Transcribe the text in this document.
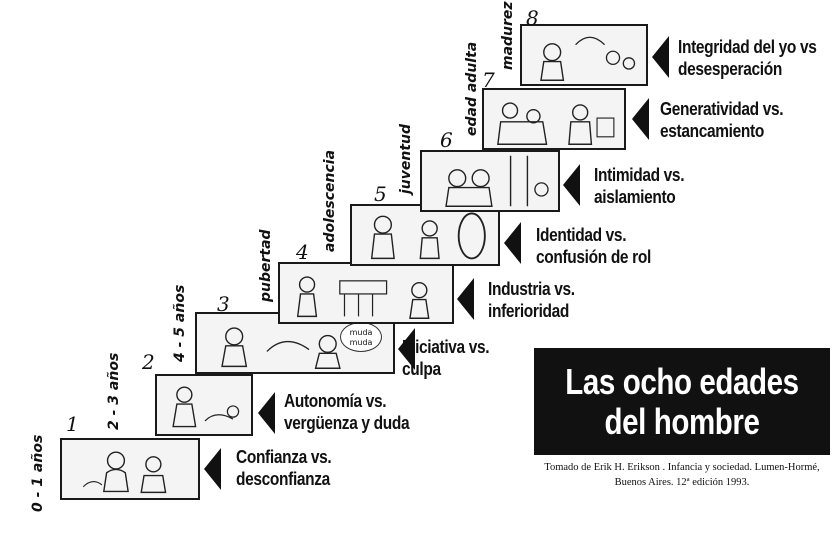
Confianza vs.
desconfianza
1
0 - 1 años
Autonomía vs.
vergüenza y duda
2
2 - 3 años
muda muda	Iniciativa vs.
culpa
3
4 - 5 años	Industria vs.
inferioridad
4
pubertad	Identidad vs.
confusión de rol
5
adolescencia	Intimidad vs.
aislamiento
6
juventud
Generatividad vs.
estancamiento
7
edad adulta	Integridad del yo vs
desesperación
8
madurez
Las ocho edades
del hombre
Tomado de Erik H. Erikson . Infancia y sociedad. Lumen-Hormé,
Buenos Aires. 12ª edición 1993.
